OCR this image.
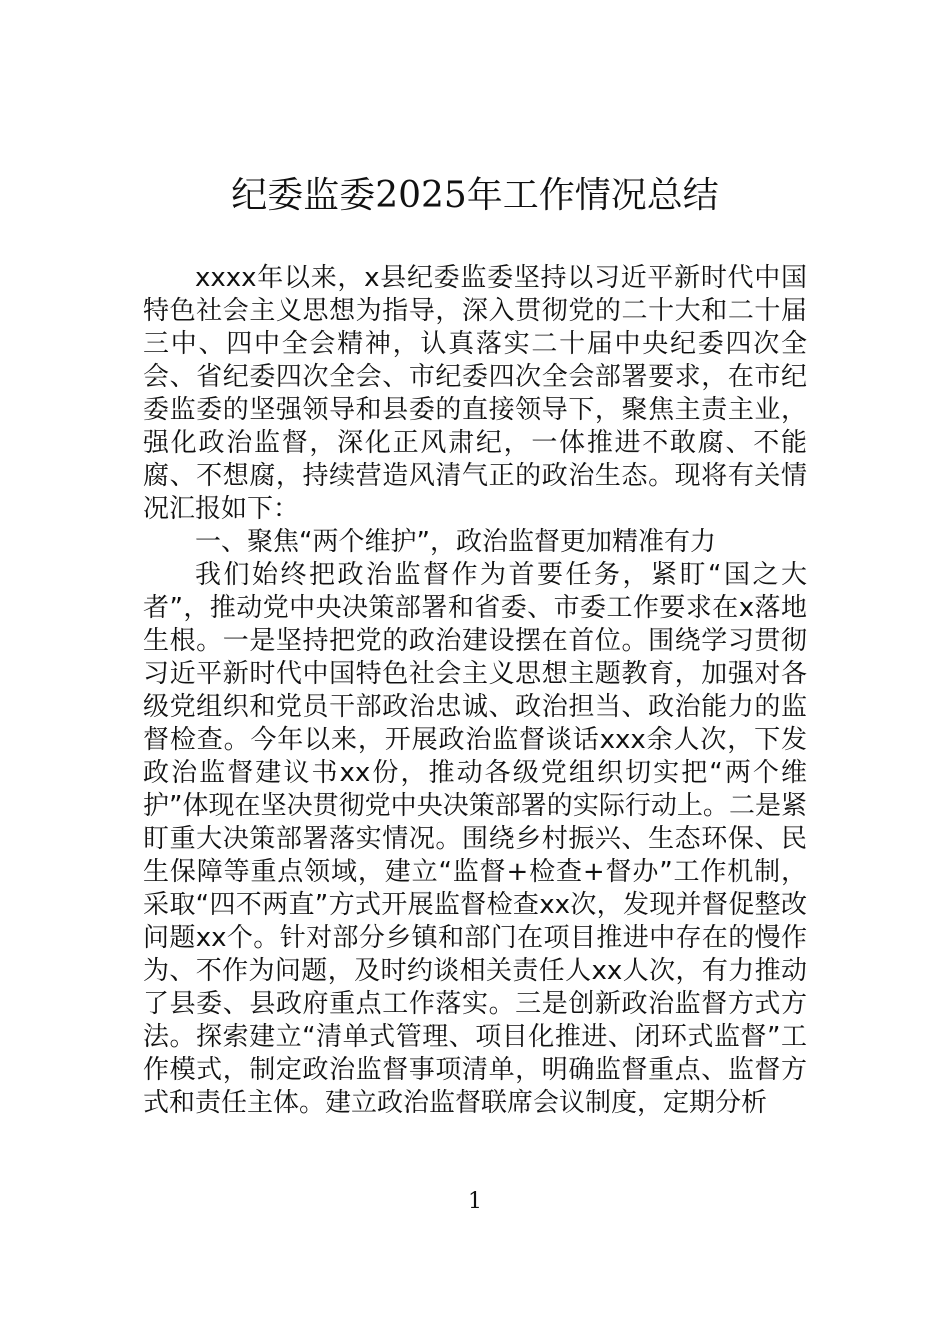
纪委监委2025年工作情况总结

xxxx年以来，x县纪委监委坚持以习近平新时代中国特色社会主义思想为指导，深入贯彻党的二十大和二十届三中、四中全会精神，认真落实二十届中央纪委四次全会、省纪委四次全会、市纪委四次全会部署要求，在市纪委监委的坚强领导和县委的直接领导下，聚焦主责主业，强化政治监督，深化正风肃纪，一体推进不敢腐、不能腐、不想腐，持续营造风清气正的政治生态。现将有关情况汇报如下：

一、聚焦“两个维护”，政治监督更加精准有力

我们始终把政治监督作为首要任务，紧盯“国之大者”，推动党中央决策部署和省委、市委工作要求在x落地生根。一是坚持把党的政治建设摆在首位。围绕学习贯彻习近平新时代中国特色社会主义思想主题教育，加强对各级党组织和党员干部政治忠诚、政治担当、政治能力的监督检查。今年以来，开展政治监督谈话xxx余人次，下发政治监督建议书xx份，推动各级党组织切实把“两个维护”体现在坚决贯彻党中央决策部署的实际行动上。二是紧盯重大决策部署落实情况。围绕乡村振兴、生态环保、民生保障等重点领域，建立“监督+检查+督办”工作机制，采取“四不两直”方式开展监督检查xx次，发现并督促整改问题xx个。针对部分乡镇和部门在项目推进中存在的慢作为、不作为问题，及时约谈相关责任人xx人次，有力推动了县委、县政府重点工作落实。三是创新政治监督方式方法。探索建立“清单式管理、项目化推进、闭环式监督”工作模式，制定政治监督事项清单，明确监督重点、监督方式和责任主体。建立政治监督联席会议制度，定期分析

1
